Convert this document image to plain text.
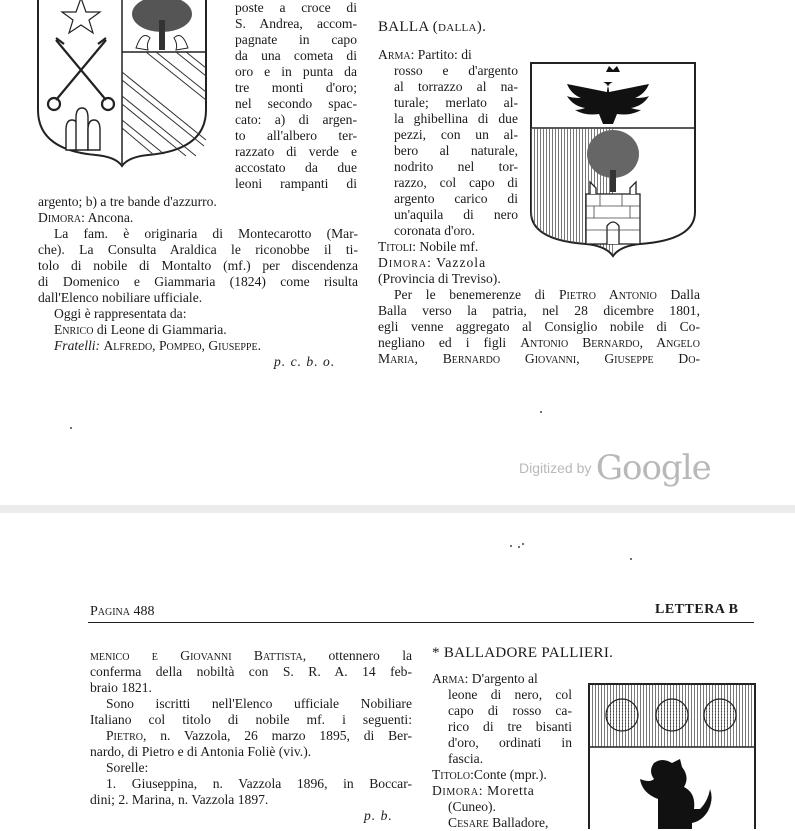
poste a croce di
S. Andrea, accom-
pagnate in capo
da una cometa di
oro e in punta da
tre monti d'oro;
nel secondo spac-
cato: a) di argen-
to all'albero ter-
razzato di verde e
accostato da due
leoni rampanti di
argento; b) a tre bande d'azzurro.
Dimora: Ancona.
La fam. è originaria di Montecarotto (Mar-
che). La Consulta Araldica le riconobbe il ti-
tolo di nobile di Montalto (mf.) per discendenza
di Domenico e Giammaria (1824) come risulta
dall'Elenco nobiliare ufficiale.
Oggi è rappresentata da:
Enrico di Leone di Giammaria.
Fratelli: Alfredo, Pompeo, Giuseppe.
p. c. b. o.
BALLA (dalla).
Arma: Partito: di
rosso e d'argento
al torrazzo al na-
turale; merlato al-
la ghibellina di due
pezzi, con un al-
bero al naturale,
nodrito nel tor-
razzo, col capo di
argento carico di
un'aquila di nero
coronata d'oro.
Titoli: Nobile mf.
Dimora: Vazzola
(Provincia di Treviso).
Per le benemerenze di Pietro Antonio Dalla
Balla verso la patria, nel 28 dicembre 1801,
egli venne aggregato al Consiglio nobile di Co-
negliano ed i figli Antonio Bernardo, Angelo
Maria, Bernardo Giovanni, Giuseppe Do-
Digitized by Google
Pagina 488	LETTERA B
menico e Giovanni Battista, ottennero la
conferma della nobiltà con S. R. A. 14 feb-
braio 1821.
Sono iscritti nell'Elenco ufficiale Nobiliare
Italiano col titolo di nobile mf. i seguenti:
Pietro, n. Vazzola, 26 marzo 1895, di Ber-
nardo, di Pietro e di Antonia Foliè (viv.).
Sorelle:
1. Giuseppina, n. Vazzola 1896, in Boccar-
dini; 2. Marina, n. Vazzola 1897.
p. b.
* BALLADORE PALLIERI.
Arma: D'argento al
leone di nero, col
capo di rosso ca-
rico di tre bisanti
d'oro, ordinati in
fascia.
Titolo:Conte (mpr.).
Dimora: Moretta
(Cuneo).
Cesare Balladore,
